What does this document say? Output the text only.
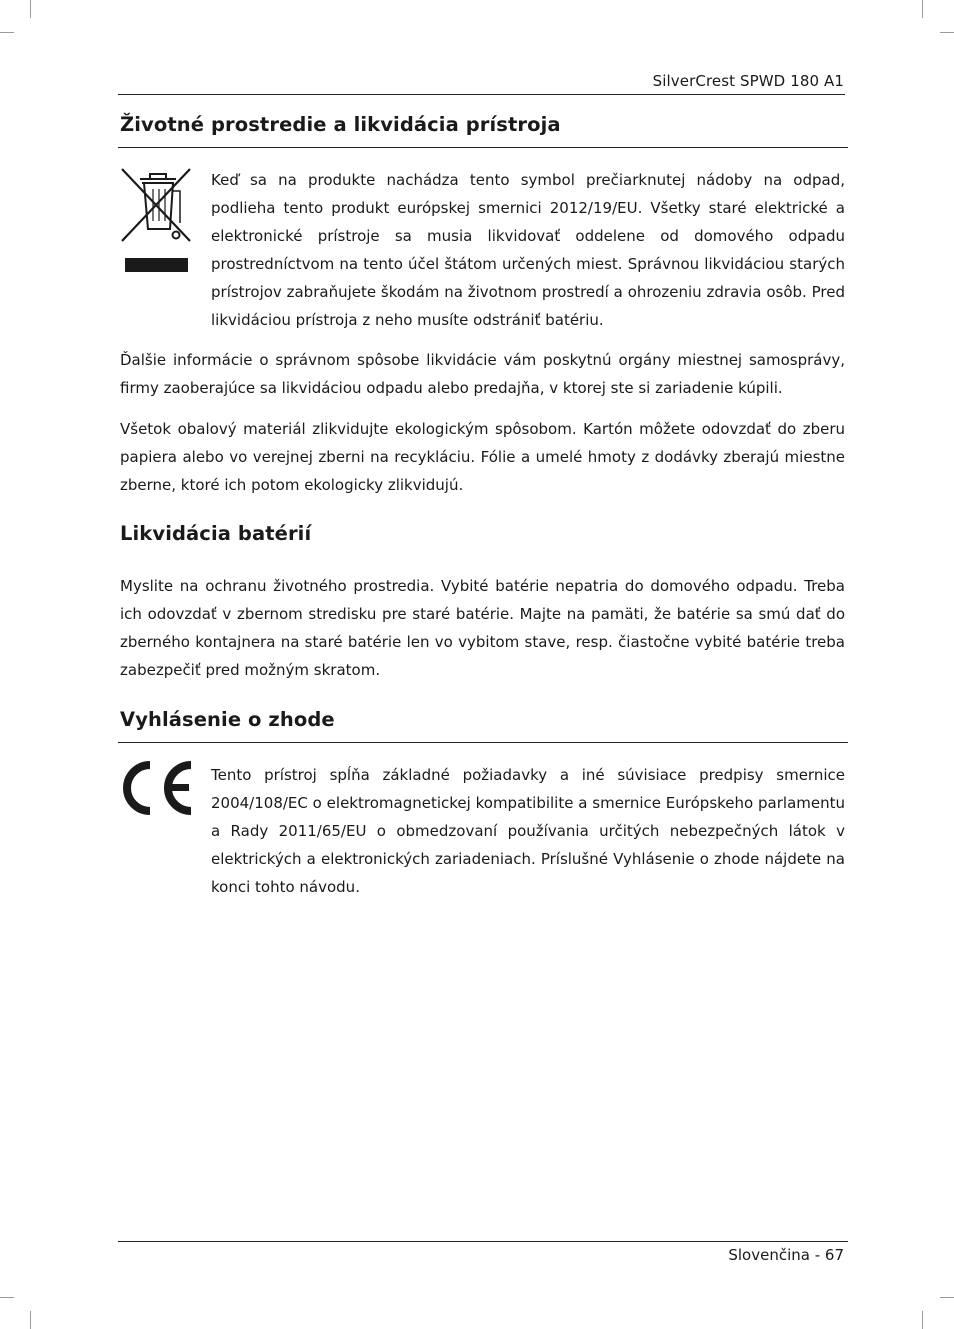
SilverCrest SPWD 180 A1
Životné prostredie a likvidácia prístroja

Keď sa na produkte nachádza tento symbol prečiarknutej nádoby na odpad, podlieha tento produkt európskej smernici 2012/19/EU. Všetky staré elektrické a elektronické prístroje sa musia likvidovať oddelene od domového odpadu prostredníctvom na tento účel štátom určených miest. Správnou likvidáciou starých prístrojov zabraňujete škodám na životnom prostredí a ohrozeniu zdravia osôb. Pred likvidáciou prístroja z neho musíte odstrániť batériu.

Ďalšie informácie o správnom spôsobe likvidácie vám poskytnú orgány miestnej samosprávy, firmy zaoberajúce sa likvidáciou odpadu alebo predajňa, v ktorej ste si zariadenie kúpili.

Všetok obalový materiál zlikvidujte ekologickým spôsobom. Kartón môžete odovzdať do zberu papiera alebo vo verejnej zberni na recykláciu. Fólie a umelé hmoty z dodávky zberajú miestne zberne, ktoré ich potom ekologicky zlikvidujú.

Likvidácia batérií

Myslite na ochranu životného prostredia. Vybité batérie nepatria do domového odpadu. Treba ich odovzdať v zbernom stredisku pre staré batérie. Majte na pamäti, že batérie sa smú dať do zberného kontajnera na staré batérie len vo vybitom stave, resp. čiastočne vybité batérie treba zabezpečiť pred možným skratom.

Vyhlásenie o zhode

Tento prístroj spĺňa základné požiadavky a iné súvisiace predpisy smernice 2004/108/EC o elektromagnetickej kompatibilite a smernice Európskeho parlamentu a Rady 2011/65/EU o obmedzovaní používania určitých nebezpečných látok v elektrických a elektronických zariadeniach. Príslušné Vyhlásenie o zhode nájdete na konci tohto návodu.

Slovenčina - 67
